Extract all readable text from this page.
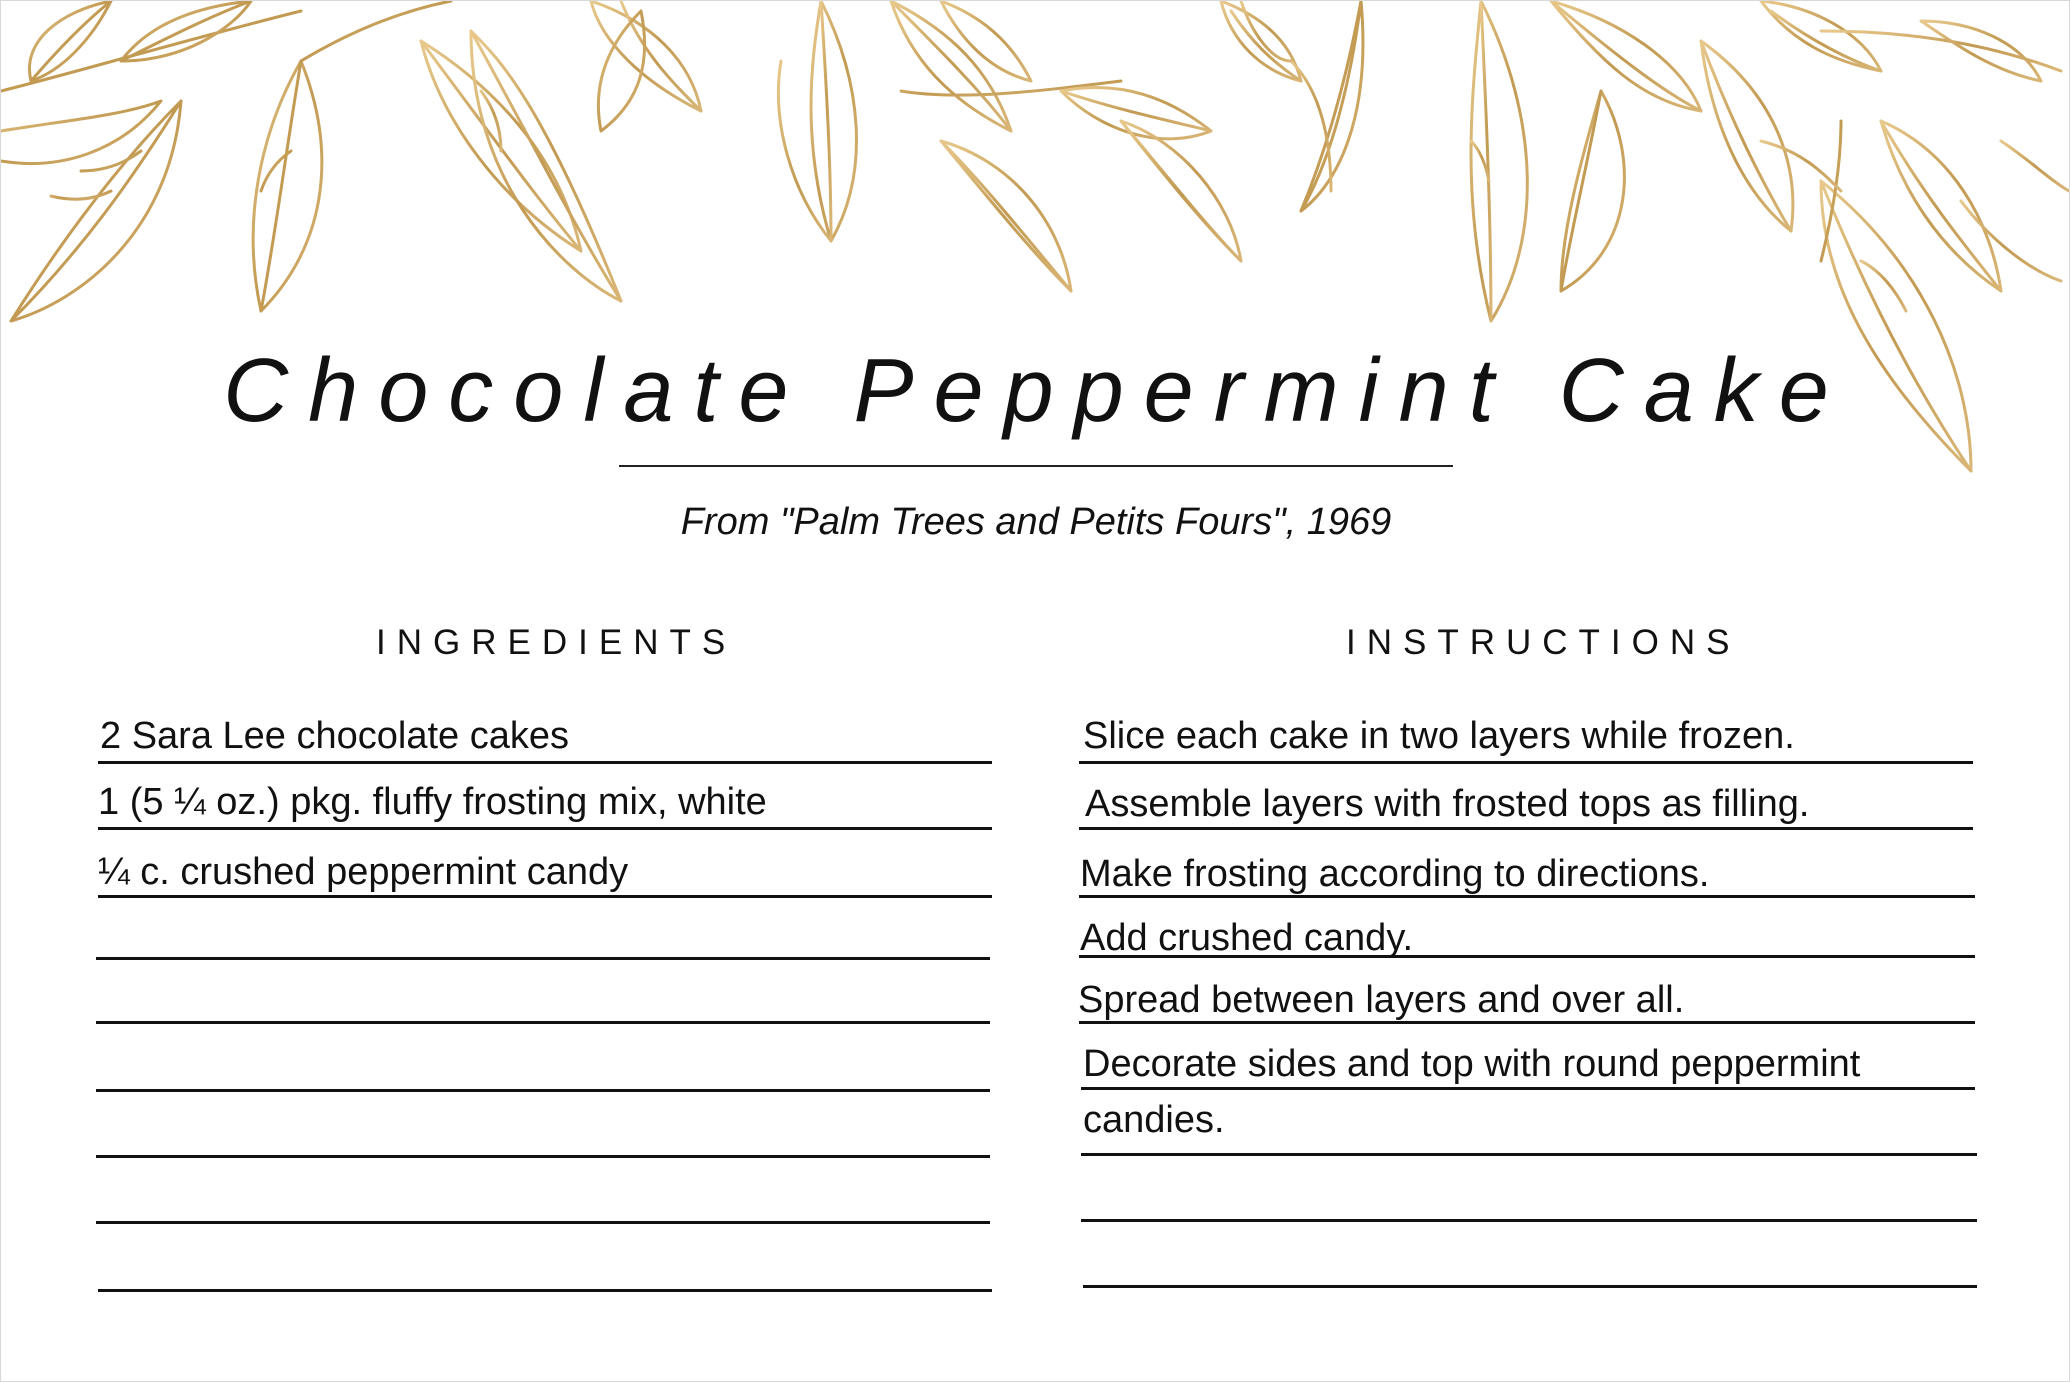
Chocolate Peppermint Cake
From "Palm Trees and Petits Fours", 1969
INGREDIENTS	INSTRUCTIONS
2 Sara Lee chocolate cakes
1 (5 ¼ oz.) pkg. fluffy frosting mix, white
¼ c. crushed peppermint candy
Slice each cake in two layers while frozen.
Assemble layers with frosted tops as filling.
Make frosting according to directions.
Add crushed candy.
Spread between layers and over all.
Decorate sides and top with round peppermint
candies.
